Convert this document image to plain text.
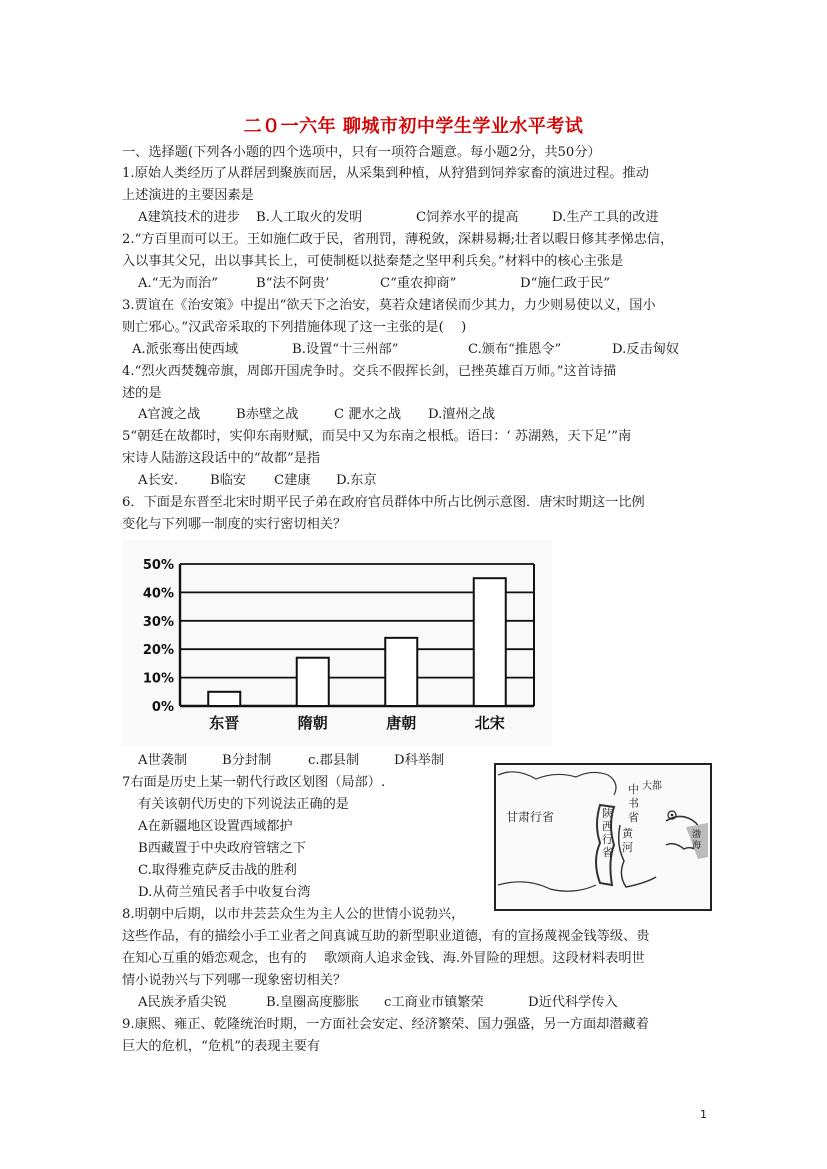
二０一六年 聊城市初中学生学业水平考试
一、选择题(下列各小题的四个选项中，只有一项符合题意。每小题2分，共50分）
1.原始人类经历了从群居到聚族而居，从采集到种植，从狩猎到饲养家畜的演进过程。推动
上述演进的主要因素是
A建筑技术的进步 B.人工取火的发明	C饲养水平的提高	D.生产工具的改进
2.“方百里而可以王。王如施仁政于民，省刑罚，薄税敛，深耕易耨;壮者以暇日修其孝悌忠信，
入以事其父兄，出以事其长上，可使制梃以挞秦楚之坚甲利兵矣。”材料中的核心主张是
A.“无为而治”	B“法不阿贵’	C“重农抑商”	D“施仁政于民”
3.贾谊在《治安策》中提出“欲天下之治安，莫若众建诸侯而少其力，力少则易使以义，国小
则亡邪心。”汉武帝采取的下列措施体现了这一主张的是(　 )
A.派张骞出使西域	B.设置“十三州部”	C.颁布“推恩令”	D.反击匈奴
4.“烈火西焚魏帝旗，周郎开国虎争时。交兵不假挥长剑，已挫英雄百万师。”这首诗描
述的是
A官渡之战	B赤壁之战	C 淝水之战 D.澶州之战
5“朝廷在故都时，实仰东南财赋，而吴中又为东南之根柢。语曰：‘ 苏湖熟，天下足’”南
宋诗人陆游这段话中的“故都”是指
A长安. B临安 C建康 D.东京
6．下面是东晋至北宋时期平民子弟在政府官员群体中所占比例示意图．唐宋时期这一比例
变化与下列哪一制度的实行密切相关？
0%
10%
20%
30%
40%
50%
东晋	隋朝	唐朝	北宋
A世袭制	B分封制	c.郡县制	D科举制
7右面是历史上某一朝代行政区划图（局部）.
有关该朝代历史的下列说法正确的是
A在新疆地区设置西域都护
B西藏置于中央政府管辖之下
C.取得雅克萨反击战的胜利
D.从荷兰殖民者手中收复台湾
甘肃行省
大都
陕西行省
中书省
黄河
渤海
8.明朝中后期，以市井芸芸众生为主人公的世情小说勃兴，
这些作品，有的描绘小手工业者之间真诚互助的新型职业道德，有的宣扬蔑视金钱等级、贵
在知心互重的婚恋观念，也有的　 歌颂商人追求金钱、海.外冒险的理想。这段材料表明世
情小说勃兴与下列哪一现象密切相关？
A民族矛盾尖锐	B.皇圈高度膨胀 c工商业市镇繁荣	D近代科学传入
9.康熙、雍正、乾隆统治时期，一方面社会安定、经济繁荣、国力强盛，另一方面却潜藏着
巨大的危机，“危机”的表现主要有
1
